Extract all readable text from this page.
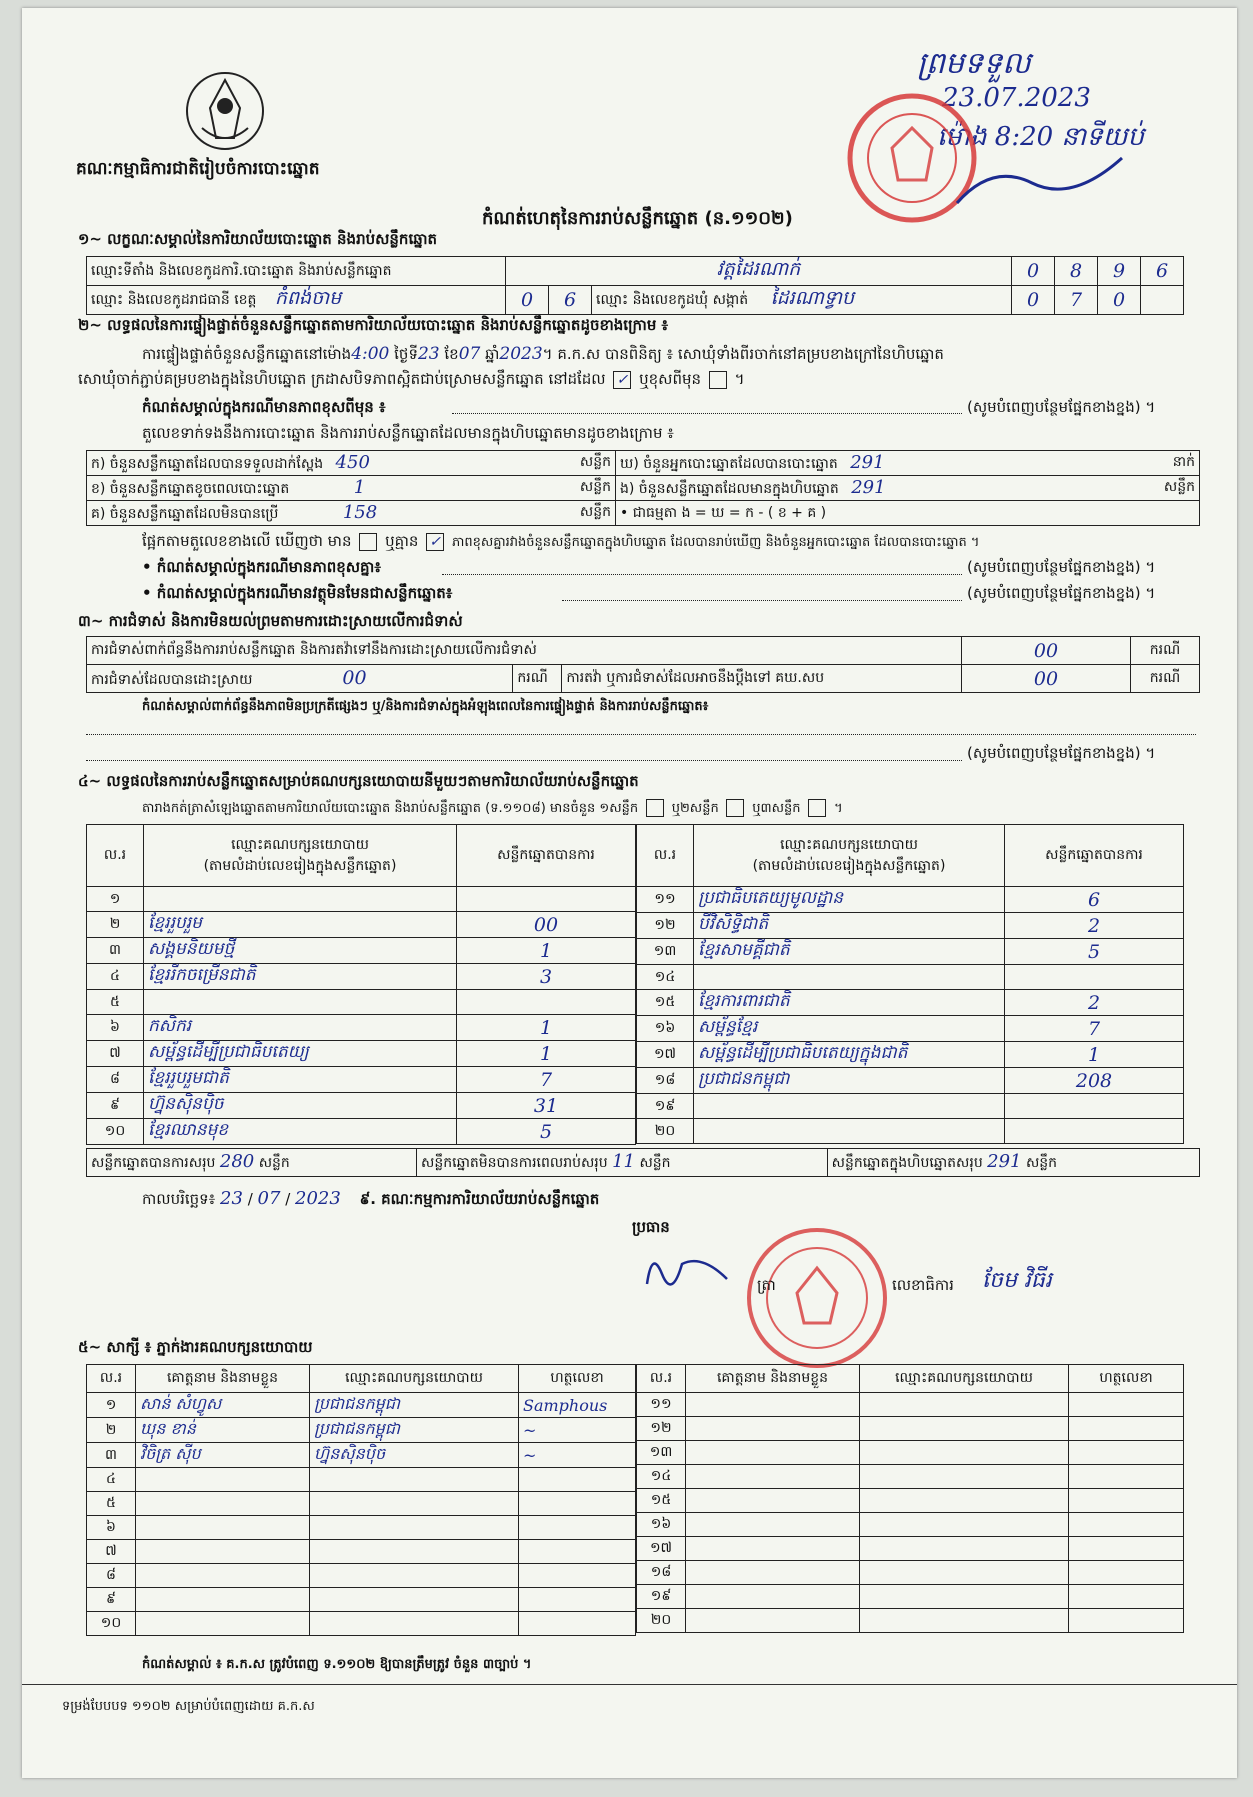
គណៈកម្មាធិការជាតិរៀបចំការបោះឆ្នោត
ព្រមទទួល
23.07.2023
ម៉ោង 8:20 នាទីយប់
កំណត់ហេតុនៃការរាប់សន្លឹកឆ្នោត (ន.១១០២)
១~ លក្ខណៈសម្គាល់នៃការិយាល័យបោះឆ្នោត និងរាប់សន្លឹកឆ្នោត
ឈ្មោះទីតាំង និងលេខកូដការិ.បោះឆ្នោត និងរាប់សន្លឹកឆ្នោត	វត្តដៃរណាក់			0	8	9	6
ឈ្មោះ និងលេខកូដរាជធានី ខេត្ត កំពង់ចាម	0	6	ឈ្មោះ និងលេខកូដឃុំ សង្កាត់ ដៃរណាទ្វាប	0	7	0	
២~ លទ្ធផលនៃការផ្ទៀងផ្ទាត់ចំនួនសន្លឹកឆ្នោតតាមការិយាល័យបោះឆ្នោត និងរាប់សន្លឹកឆ្នោតដូចខាងក្រោម ៖
ការផ្ទៀងផ្ទាត់ចំនួនសន្លឹកឆ្នោតនៅម៉ោង4:00 ថ្ងៃទី23 ខែ07 ឆ្នាំ2023។ គ.ក.ស បានពិនិត្យ ៖ សោឃុំទាំងពីរចាក់នៅគម្របខាងក្រៅនៃហិបឆ្នោត
សោឃុំចាក់ភ្ជាប់គម្របខាងក្នុងនៃហិបឆ្នោត ក្រដាសបិទភាពស្អិតជាប់ស្រោមសន្លឹកឆ្នោត នៅដដែល ✓ ឬខុសពីមុន ។
កំណត់សម្គាល់ក្នុងករណីមានភាពខុសពីមុន ៖	(សូមបំពេញបន្ថែមផ្នែកខាងខ្នង) ។
តួលេខទាក់ទងនឹងការបោះឆ្នោត និងការរាប់សន្លឹកឆ្នោតដែលមានក្នុងហិបឆ្នោតមានដូចខាងក្រោម ៖
ក) ចំនួនសន្លឹកឆ្នោតដែលបានទទួលដាក់ស្ពែង 450 សន្លឹក	ឃ) ចំនួនអ្នកបោះឆ្នោតដែលបានបោះឆ្នោត 291 នាក់

ខ) ចំនួនសន្លឹកឆ្នោតខូចពេលបោះឆ្នោត 1 សន្លឹក	ង) ចំនួនសន្លឹកឆ្នោតដែលមានក្នុងហិបឆ្នោត 291 សន្លឹក

គ) ចំនួនសន្លឹកឆ្នោតដែលមិនបានប្រើ 158 សន្លឹក	• ជាធម្មតា ង = ឃ = ក - ( ខ + គ )
ផ្អែកតាមតួលេខខាងលើ ឃើញថា មាន ឬគ្មាន ✓ ភាពខុសគ្នារវាងចំនួនសន្លឹកឆ្នោតក្នុងហិបឆ្នោត ដែលបានរាប់ឃើញ និងចំនួនអ្នកបោះឆ្នោត ដែលបានបោះឆ្នោត ។
• កំណត់សម្គាល់ក្នុងករណីមានភាពខុសគ្នា៖	(សូមបំពេញបន្ថែមផ្នែកខាងខ្នង) ។
• កំណត់សម្គាល់ក្នុងករណីមានវត្ថុមិនមែនជាសន្លឹកឆ្នោត៖	(សូមបំពេញបន្ថែមផ្នែកខាងខ្នង) ។
៣~ ការជំទាស់ និងការមិនយល់ព្រមតាមការដោះស្រាយលើការជំទាស់
ការជំទាស់ពាក់ព័ន្ធនឹងការរាប់សន្លឹកឆ្នោត និងការតវ៉ាទៅនឹងការដោះស្រាយលើការជំទាស់			00	ករណី
ការជំទាស់ដែលបានដោះស្រាយ 00	ករណី	ការតវ៉ា ឬការជំទាស់ដែលអាចនឹងប្តឹងទៅ គឃ.សប	00	ករណី
កំណត់សម្គាល់ពាក់ព័ន្ធនឹងភាពមិនប្រក្រតីផ្សេងៗ ឬ/និងការជំទាស់ក្នុងអំឡុងពេលនៃការផ្ទៀងផ្ទាត់ និងការរាប់សន្លឹកឆ្នោត៖
(សូមបំពេញបន្ថែមផ្នែកខាងខ្នង) ។
៤~ លទ្ធផលនៃការរាប់សន្លឹកឆ្នោតសម្រាប់គណបក្សនយោបាយនីមួយៗតាមការិយាល័យរាប់សន្លឹកឆ្នោត
តារាងកត់ត្រាសំឡេងឆ្នោតតាមការិយាល័យបោះឆ្នោត និងរាប់សន្លឹកឆ្នោត (ទ.១១០៨) មានចំនួន ១សន្លឹក	ឬ២សន្លឹក	ឬ៣សន្លឹក	។
ល.រ	ឈ្មោះគណបក្សនយោបាយ
(តាមលំដាប់លេខរៀងក្នុងសន្លឹកឆ្នោត)	សន្លឹកឆ្នោតបានការ
១		
២	ខ្មែររួបរួម	00
៣	សង្គមនិយមថ្មី	1
៤	ខ្មែររីកចម្រើនជាតិ	3
៥		
៦	កសិករ	1
៧	សម្ព័ន្ធដើម្បីប្រជាធិបតេយ្យ	1
៨	ខ្មែររួបរួមជាតិ	7
៩	ហ្វ៊ុនស៊ិនប៉ិច	31
១០	ខ្មែរឈានមុខ	5
ល.រ	ឈ្មោះគណបក្សនយោបាយ
(តាមលំដាប់លេខរៀងក្នុងសន្លឹកឆ្នោត)	សន្លឹកឆ្នោតបានការ
១១	ប្រជាធិបតេយ្យមូលដ្ឋាន	6
១២	បីវិសិទ្ធិជាតិ	2
១៣	ខ្មែរសាមគ្គីជាតិ	5
១៤		
១៥	ខ្មែរការពារជាតិ	2
១៦	សម្ព័ន្ធខ្មែរ	7
១៧	សម្ព័ន្ធដើម្បីប្រជាធិបតេយ្យក្នុងជាតិ	1
១៨	ប្រជាជនកម្ពុជា	208
១៩		
២០		
សន្លឹកឆ្នោតបានការសរុប 280 សន្លឹក	សន្លឹកឆ្នោតមិនបានការពេលរាប់សរុប 11 សន្លឹក	សន្លឹកឆ្នោតក្នុងហិបឆ្នោតសរុប 291 សន្លឹក
កាលបរិច្ឆេទ៖ 23 / 07 / 2023 ៩. គណៈកម្មការការិយាល័យរាប់សន្លឹកឆ្នោត
ប្រធាន
ត្រា	លេខាធិការ ចែម វិធីរ
៥~ សាក្សី ៖ ភ្នាក់ងារគណបក្សនយោបាយ
ល.រ	គោត្តនាម និងនាមខ្លួន	ឈ្មោះគណបក្សនយោបាយ	ហត្ថលេខា
១	សាន់ សំហ្វូស	ប្រជាជនកម្ពុជា	Samphous
២	ឃុន ខាន់	ប្រជាជនកម្ពុជា	~
៣	វិចិត្រ ស៊ីប	ហ្វ៊ុនស៊ិនប៉ិច	~
៤			
៥			
៦			
៧			
៨			
៩			
១០			
ល.រ	គោត្តនាម និងនាមខ្លួន	ឈ្មោះគណបក្សនយោបាយ	ហត្ថលេខា
១១			
១២			
១៣			
១៤			
១៥			
១៦			
១៧			
១៨			
១៩			
២០			
កំណត់សម្គាល់ ៖ គ.ក.ស ត្រូវបំពេញ ទ.១១០២ ឱ្យបានត្រឹមត្រូវ ចំនួន ៣ច្បាប់ ។
ទម្រង់បែបបទ ១១០២ សម្រាប់បំពេញដោយ គ.ក.ស
